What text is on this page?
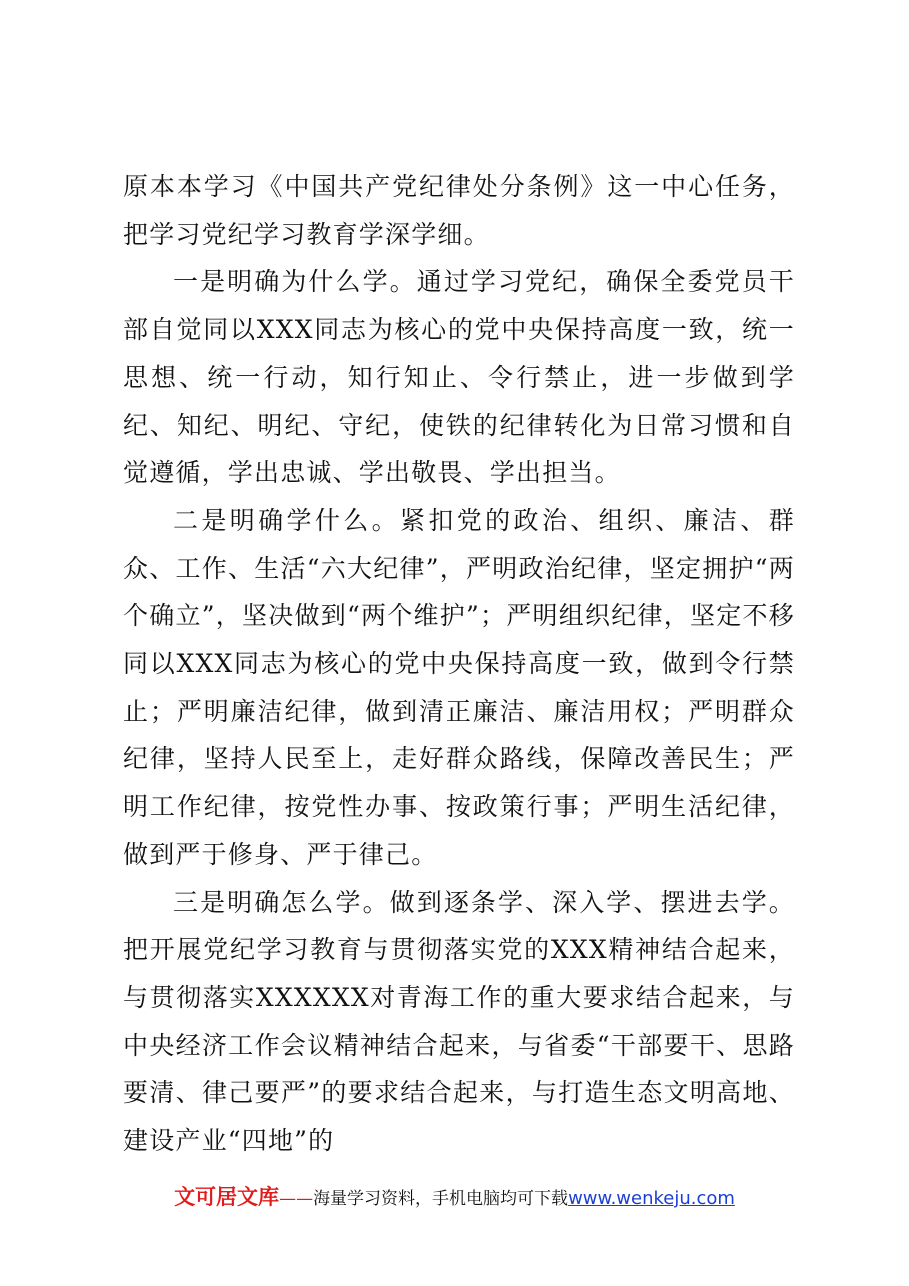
原本本学习《中国共产党纪律处分条例》这一中心任务，把学习党纪学习教育学深学细。

一是明确为什么学。通过学习党纪，确保全委党员干部自觉同以XXX同志为核心的党中央保持高度一致，统一思想、统一行动，知行知止、令行禁止，进一步做到学纪、知纪、明纪、守纪，使铁的纪律转化为日常习惯和自觉遵循，学出忠诚、学出敬畏、学出担当。

二是明确学什么。紧扣党的政治、组织、廉洁、群众、工作、生活“六大纪律”，严明政治纪律，坚定拥护“两个确立”，坚决做到“两个维护”；严明组织纪律，坚定不移同以XXX同志为核心的党中央保持高度一致，做到令行禁止；严明廉洁纪律，做到清正廉洁、廉洁用权；严明群众纪律，坚持人民至上，走好群众路线，保障改善民生；严明工作纪律，按党性办事、按政策行事；严明生活纪律，做到严于修身、严于律己。

三是明确怎么学。做到逐条学、深入学、摆进去学。把开展党纪学习教育与贯彻落实党的XXX精神结合起来，与贯彻落实XXXXXX对青海工作的重大要求结合起来，与中央经济工作会议精神结合起来，与省委“干部要干、思路要清、律己要严”的要求结合起来，与打造生态文明高地、建设产业“四地”的

文可居文库——海量学习资料，手机电脑均可下载www.wenkeju.com
